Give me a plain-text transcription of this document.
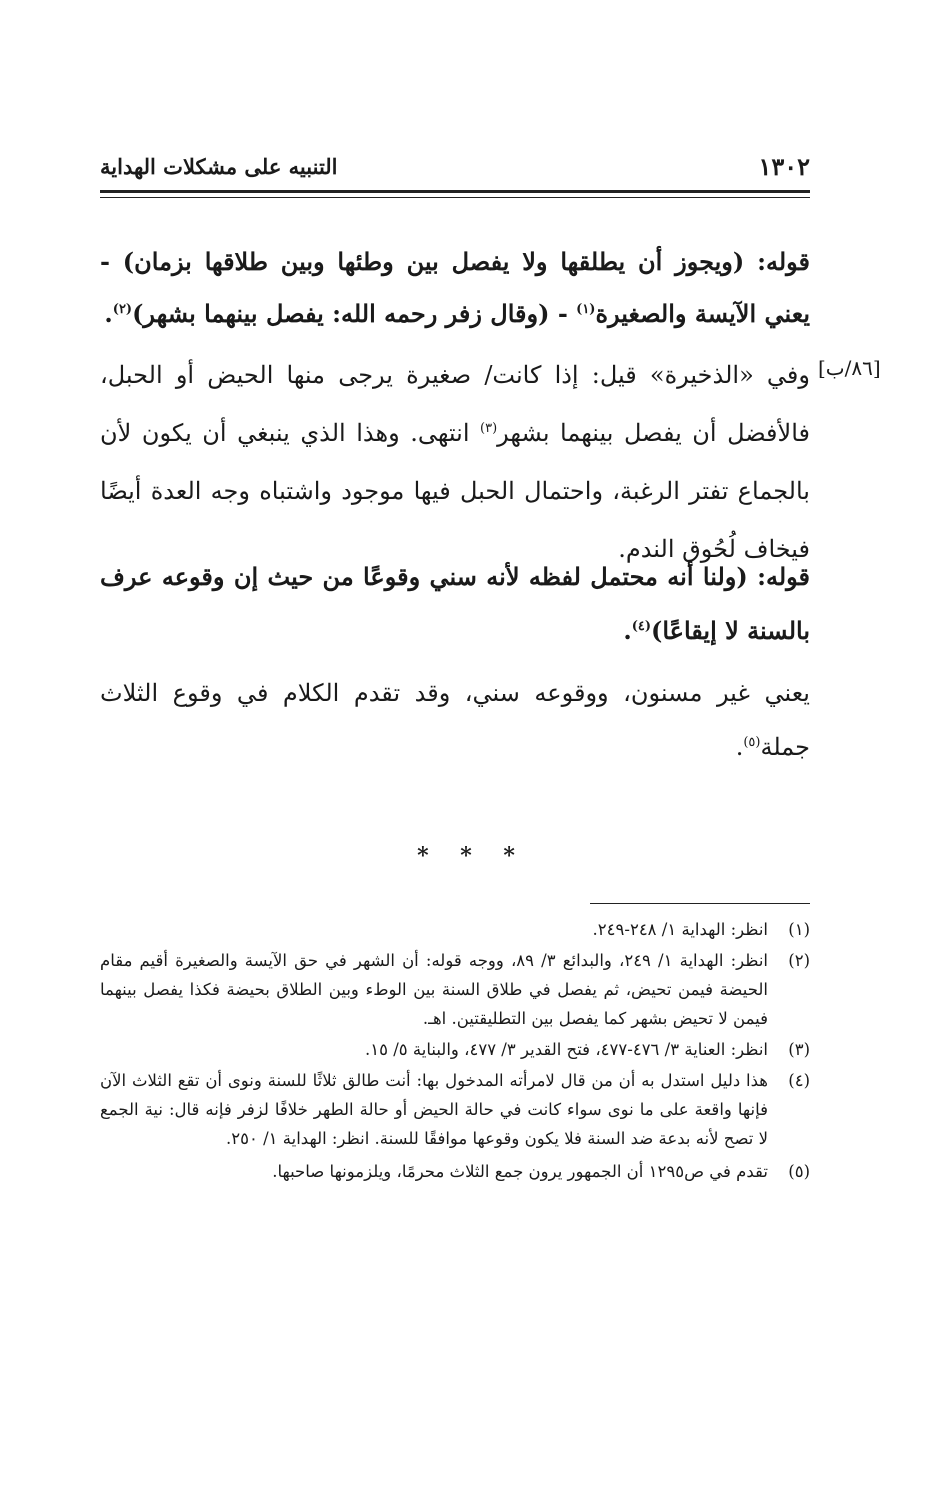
١٣٠٢
التنبيه على مشكلات الهداية
قوله: (ويجوز أن يطلقها ولا يفصل بين وطئها وبين طلاقها بزمان) - يعني الآيسة والصغيرة$^{(١)}$ - (وقال زفر رحمه الله: يفصل بينهما بشهر)$^{(٢)}$.
[٨٦/ب]
وفي «الذخيرة» قيل: إذا كانت/ صغيرة يرجى منها الحيض أو الحبل، فالأفضل أن يفصل بينهما بشهر$^{(٣)}$ انتهى. وهذا الذي ينبغي أن يكون لأن بالجماع تفتر الرغبة، واحتمال الحبل فيها موجود واشتباه وجه العدة أيضًا فيخاف لُحُوق الندم.
قوله: (ولنا أنه محتمل لفظه لأنه سني وقوعًا من حيث إن وقوعه عرف بالسنة لا إيقاعًا)$^{(٤)}$.
يعني غير مسنون، ووقوعه سني، وقد تقدم الكلام في وقوع الثلاث جملة$^{(٥)}$.
* * *
(١)
انظر: الهداية ١/ ٢٤٨-٢٤٩.
(٢)
انظر: الهداية ١/ ٢٤٩، والبدائع ٣/ ٨٩، ووجه قوله: أن الشهر في حق الآيسة والصغيرة أقيم مقام الحيضة فيمن تحيض، ثم يفصل في طلاق السنة بين الوطء وبين الطلاق بحيضة فكذا يفصل بينهما فيمن لا تحيض بشهر كما يفصل بين التطليقتين. اهـ.
(٣)
انظر: العناية ٣/ ٤٧٦-٤٧٧، فتح القدير ٣/ ٤٧٧، والبناية ٥/ ١٥.
(٤)
هذا دليل استدل به أن من قال لامرأته المدخول بها: أنت طالق ثلاثًا للسنة ونوى أن تقع الثلاث الآن فإنها واقعة على ما نوى سواء كانت في حالة الحيض أو حالة الطهر خلافًا لزفر فإنه قال: نية الجمع لا تصح لأنه بدعة ضد السنة فلا يكون وقوعها موافقًا للسنة. انظر: الهداية ١/ ٢٥٠.
(٥)
تقدم في ص١٢٩٥ أن الجمهور يرون جمع الثلاث محرمًا، ويلزمونها صاحبها.
